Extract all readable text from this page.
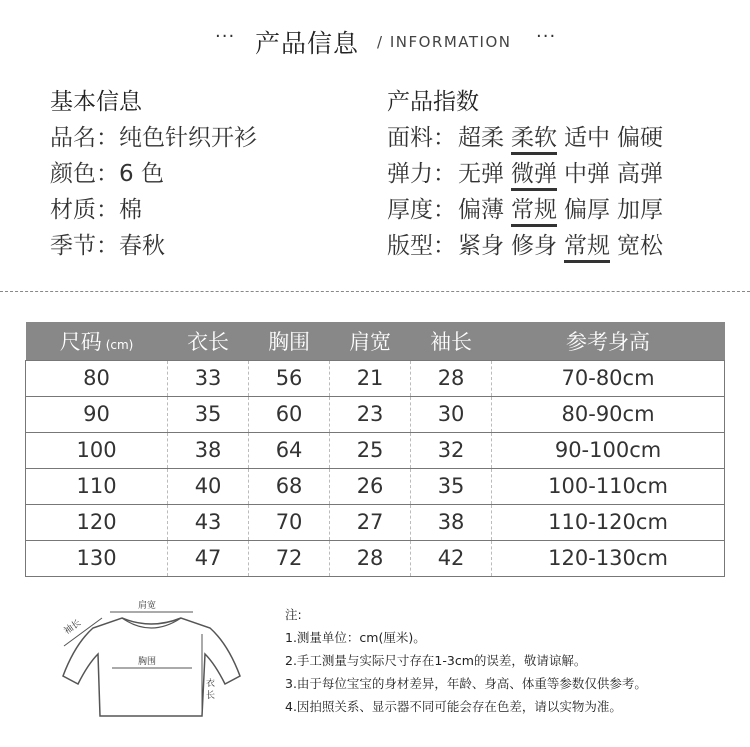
··· 产品信息 / INFORMATION ···
基本信息
品名：纯色针织开衫
颜色：6 色
材质：棉
季节：春秋
产品指数
面料：超柔 柔软 适中 偏硬
弹力：无弹 微弹 中弹 高弹
厚度：偏薄 常规 偏厚 加厚
版型：紧身 修身 常规 宽松
尺码 (cm)	衣长	胸围	肩宽	袖长	参考身高
80	33	56	21	28	70-80cm
90	35	60	23	30	80-90cm
100	38	64	25	32	90-100cm
110	40	68	26	35	100-110cm
120	43	70	27	38	110-120cm
130	47	72	28	42	120-130cm
肩宽
袖长
胸围
衣
长
注:
1.测量单位：cm(厘米)。
2.手工测量与实际尺寸存在1-3cm的误差，敬请谅解。
3.由于每位宝宝的身材差异，年龄、身高、体重等参数仅供参考。
4.因拍照关系、显示器不同可能会存在色差，请以实物为准。
